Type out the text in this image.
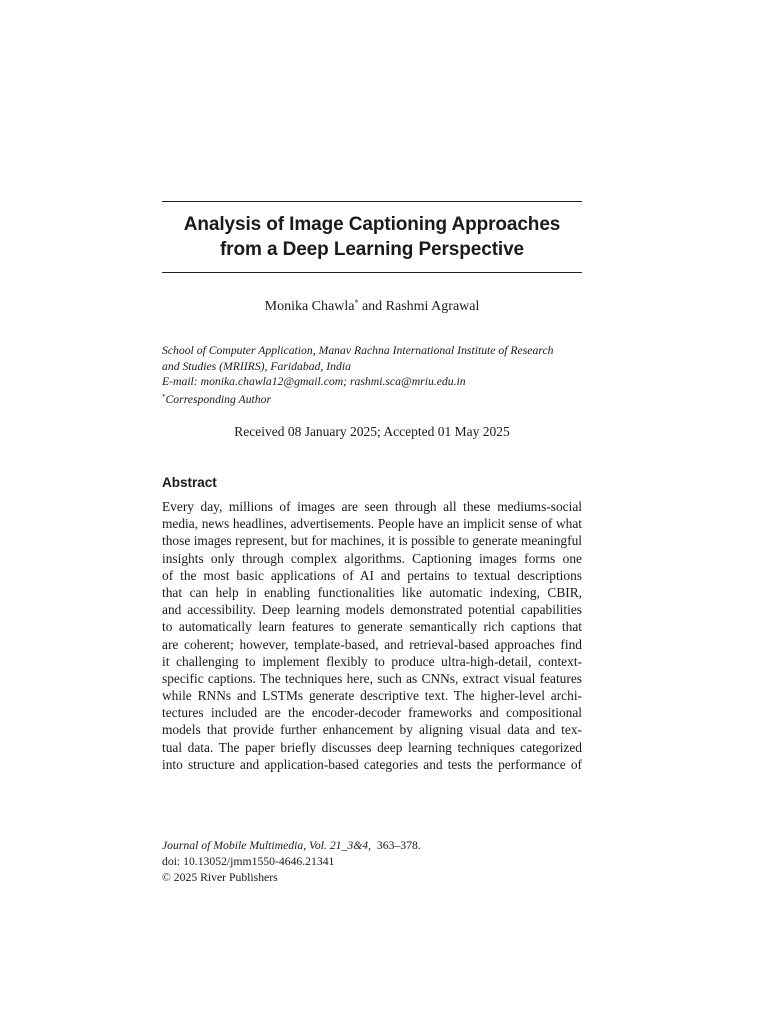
Analysis of Image Captioning Approaches
from a Deep Learning Perspective
Monika Chawla* and Rashmi Agrawal
School of Computer Application, Manav Rachna International Institute of Research
and Studies (MRIIRS), Faridabad, India
E-mail: monika.chawla12@gmail.com; rashmi.sca@mriu.edu.in
*Corresponding Author
Received 08 January 2025; Accepted 01 May 2025
Abstract
Every day, millions of images are seen through all these mediums-social
media, news headlines, advertisements. People have an implicit sense of what
those images represent, but for machines, it is possible to generate meaningful
insights only through complex algorithms. Captioning images forms one
of the most basic applications of AI and pertains to textual descriptions
that can help in enabling functionalities like automatic indexing, CBIR,
and accessibility. Deep learning models demonstrated potential capabilities
to automatically learn features to generate semantically rich captions that
are coherent; however, template-based, and retrieval-based approaches find
it challenging to implement flexibly to produce ultra-high-detail, context-
specific captions. The techniques here, such as CNNs, extract visual features
while RNNs and LSTMs generate descriptive text. The higher-level archi-
tectures included are the encoder-decoder frameworks and compositional
models that provide further enhancement by aligning visual data and tex-
tual data. The paper briefly discusses deep learning techniques categorized
into structure and application-based categories and tests the performance of
Journal of Mobile Multimedia, Vol. 21_3&4, 363–378.
doi: 10.13052/jmm1550-4646.21341
© 2025 River Publishers
